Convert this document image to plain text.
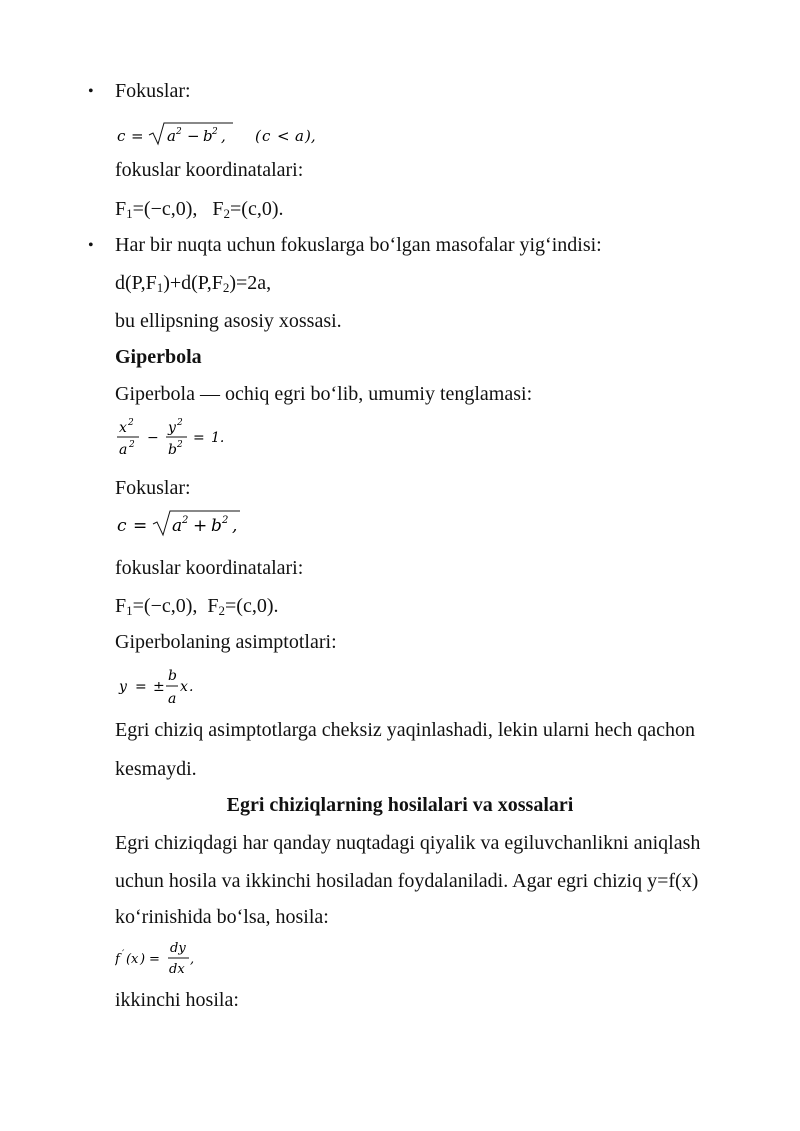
• Fokuslar:
c = a 2 − b 2 , ( c < a ),
fokuslar koordinatalari:
$F_1=(-c,0)$,   $F_2=(c,0)$.
• Har bir nuqta uchun fokuslarga bo‘lgan masofalar yig‘indisi:
$d(P,F_1)+d(P,F_2)=2a$,
bu ellipsning asosiy xossasi.
Giperbola
Giperbola — ochiq egri bo‘lib, umumiy tenglamasi:
x 2
a 2 −
y 2
b 2 = 1.
Fokuslar:
c = a 2 + b 2 ,
fokuslar koordinatalari:
$F_1=(-c,0)$,  $F_2=(c,0)$.
Giperbolaning asimptotlari:
y = ±
b
a
x .
Egri chiziq asimptotlarga cheksiz yaqinlashadi, lekin ularni hech qachon
kesmaydi.
Egri chiziqlarning hosilalari va xossalari
Egri chiziqdagi har qanday nuqtadagi qiyalik va egiluvchanlikni aniqlash
uchun hosila va ikkinchi hosiladan foydalaniladi. Agar egri chiziq y=f(x)
ko‘rinishida bo‘lsa, hosila:
f ′ ( x ) =
dy
dx
,
ikkinchi hosila:
